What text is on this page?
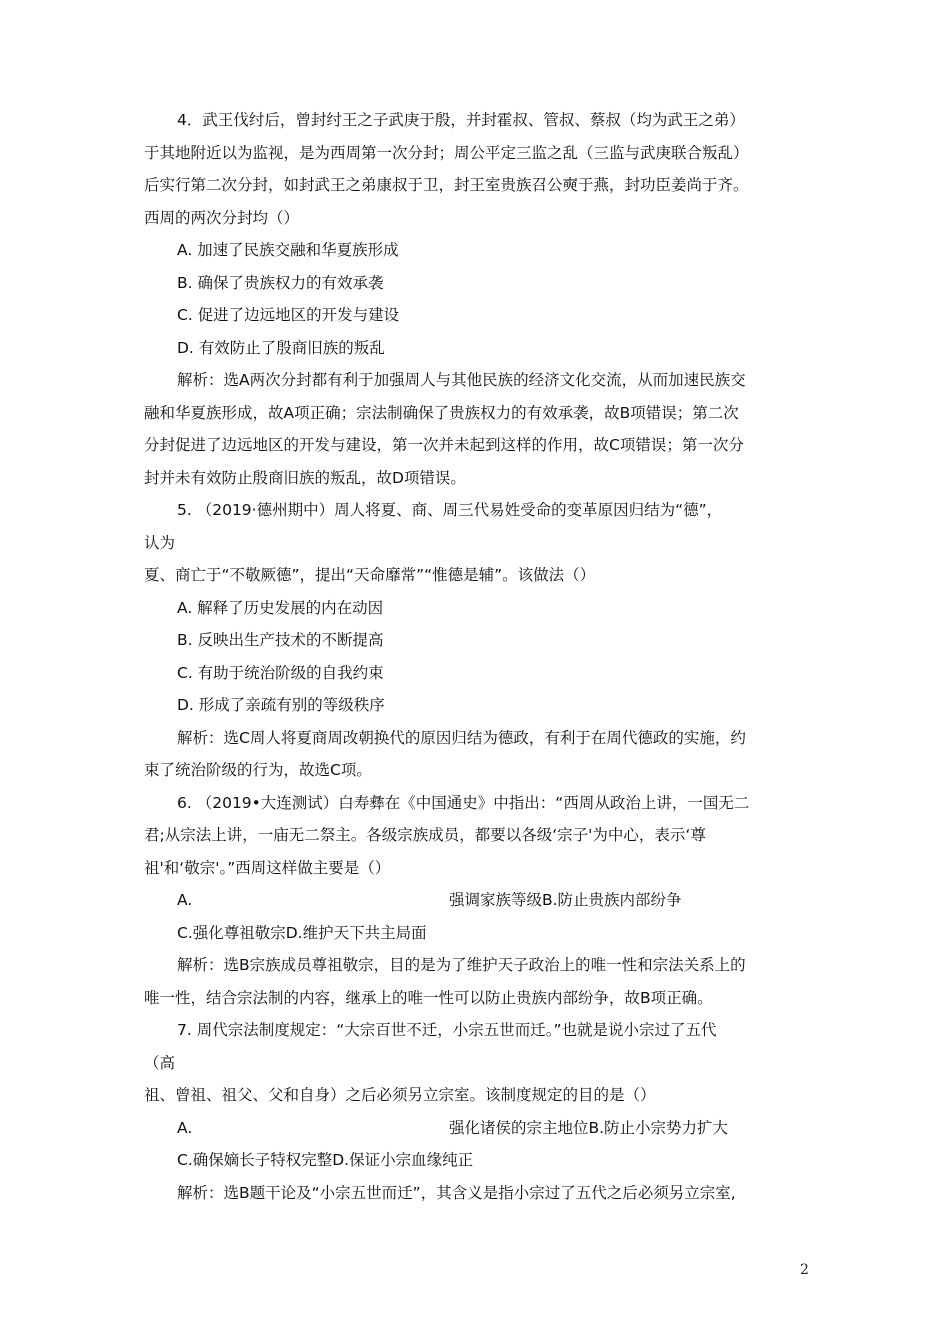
4．武王伐纣后，曾封纣王之子武庚于殷，并封霍叔、管叔、蔡叔（均为武王之弟）
于其地附近以为监视，是为西周第一次分封；周公平定三监之乱（三监与武庚联合叛乱）
后实行第二次分封，如封武王之弟康叔于卫，封王室贵族召公奭于燕，封功臣姜尚于齐。
西周的两次分封均（）
A. 加速了民族交融和华夏族形成
B. 确保了贵族权力的有效承袭
C. 促进了边远地区的开发与建设
D. 有效防止了殷商旧族的叛乱
解析：选A两次分封都有利于加强周人与其他民族的经济文化交流，从而加速民族交
融和华夏族形成，故A项正确；宗法制确保了贵族权力的有效承袭，故B项错误；第二次
分封促进了边远地区的开发与建设，第一次并未起到这样的作用，故C项错误；第一次分
封并未有效防止殷商旧族的叛乱，故D项错误。
5. （2019·德州期中）周人将夏、商、周三代易姓受命的变革原因归结为“德”，
认为
夏、商亡于“不敬厥德”，提出“天命靡常”“惟德是辅”。该做法（）
A. 解释了历史发展的内在动因
B. 反映出生产技术的不断提高
C. 有助于统治阶级的自我约束
D. 形成了亲疏有别的等级秩序
解析：选C周人将夏商周改朝换代的原因归结为德政，有利于在周代德政的实施，约
束了统治阶级的行为，故选C项。
6. （2019•大连测试）白寿彝在《中国通史》中指出：“西周从政治上讲，一国无二
君;从宗法上讲，一庙无二祭主。各级宗族成员，都要以各级‘宗子'为中心，表示‘尊
祖'和‘敬宗'。”西周这样做主要是（）
A.	强调家族等级B.防止贵族内部纷争
C.强化尊祖敬宗D.维护天下共主局面
解析：选B宗族成员尊祖敬宗，目的是为了维护天子政治上的唯一性和宗法关系上的
唯一性，结合宗法制的内容，继承上的唯一性可以防止贵族内部纷争，故B项正确。
7. 周代宗法制度规定：“大宗百世不迁，小宗五世而迁。”也就是说小宗过了五代
（高
祖、曾祖、祖父、父和自身）之后必须另立宗室。该制度规定的目的是（）
A.	强化诸侯的宗主地位B.防止小宗势力扩大
C.确保嫡长子特权完整D.保证小宗血缘纯正
解析：选B题干论及“小宗五世而迁”，其含义是指小宗过了五代之后必须另立宗室,
2
